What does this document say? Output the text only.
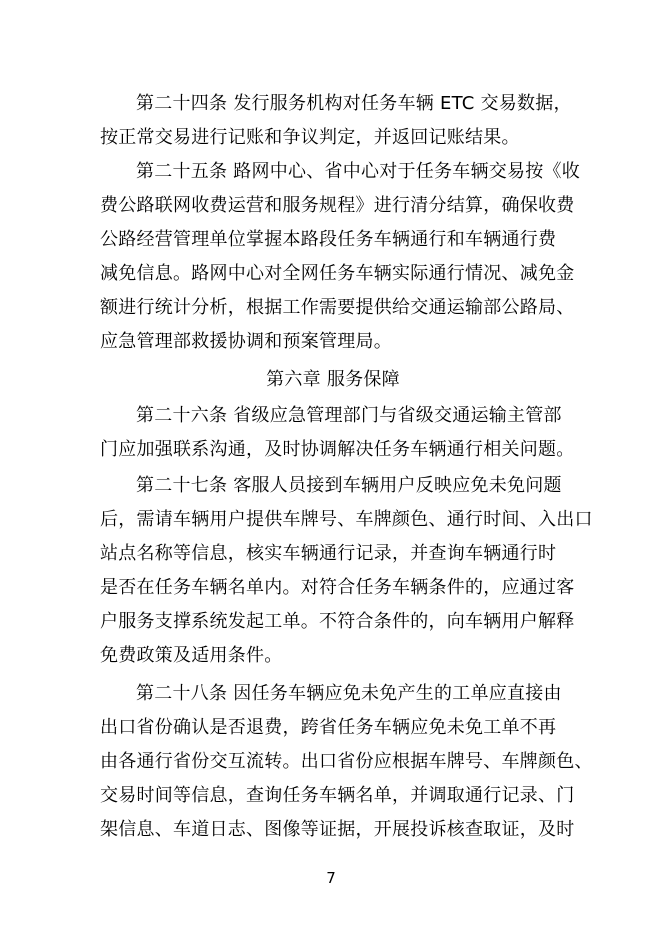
第二十四条 发行服务机构对任务车辆 ETC 交易数据，
按正常交易进行记账和争议判定，并返回记账结果。
第二十五条 路网中心、省中心对于任务车辆交易按《收
费公路联网收费运营和服务规程》进行清分结算，确保收费
公路经营管理单位掌握本路段任务车辆通行和车辆通行费
减免信息。路网中心对全网任务车辆实际通行情况、减免金
额进行统计分析，根据工作需要提供给交通运输部公路局、
应急管理部救援协调和预案管理局。
第六章 服务保障
第二十六条 省级应急管理部门与省级交通运输主管部
门应加强联系沟通，及时协调解决任务车辆通行相关问题。
第二十七条 客服人员接到车辆用户反映应免未免问题
后，需请车辆用户提供车牌号、车牌颜色、通行时间、入出口
站点名称等信息，核实车辆通行记录，并查询车辆通行时
是否在任务车辆名单内。对符合任务车辆条件的，应通过客
户服务支撑系统发起工单。不符合条件的，向车辆用户解释
免费政策及适用条件。
第二十八条 因任务车辆应免未免产生的工单应直接由
出口省份确认是否退费，跨省任务车辆应免未免工单不再
由各通行省份交互流转。出口省份应根据车牌号、车牌颜色、
交易时间等信息，查询任务车辆名单，并调取通行记录、门
架信息、车道日志、图像等证据，开展投诉核查取证，及时
7
